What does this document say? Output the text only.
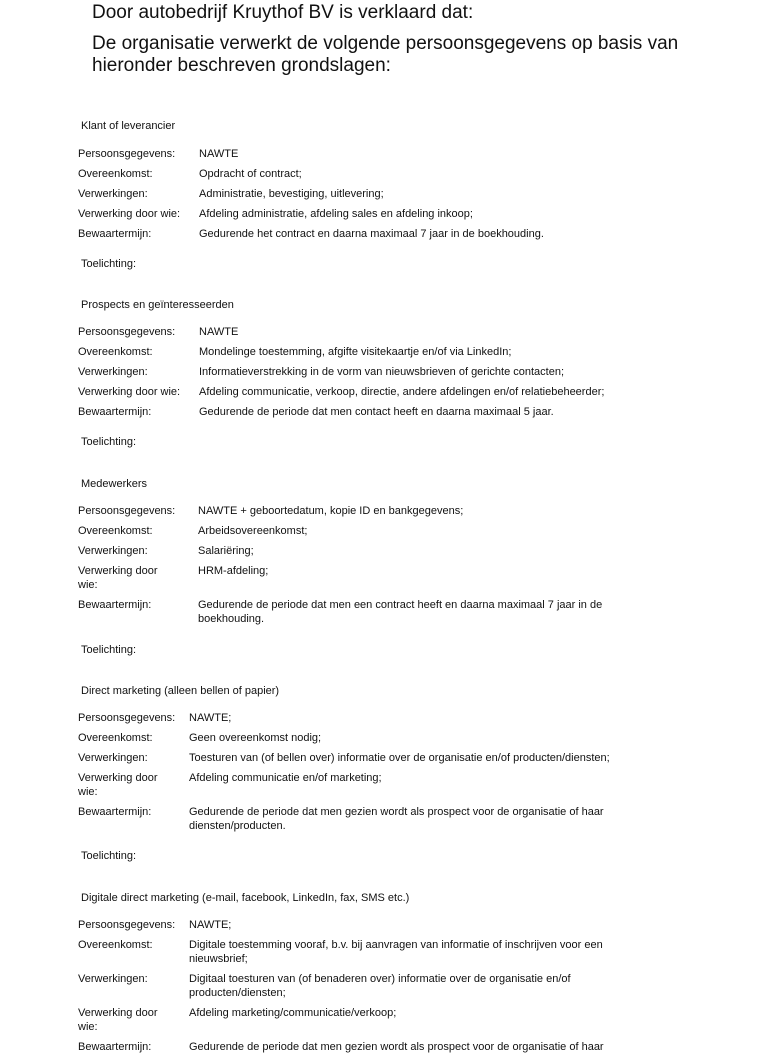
Door autobedrijf Kruythof BV is verklaard dat:
De organisatie verwerkt de volgende persoonsgegevens op basis van hieronder beschreven grondslagen:
Klant of leverancier
Persoonsgegevens: NAWTE
Overeenkomst:	Opdracht of contract;
Verwerkingen:	Administratie, bevestiging, uitlevering;
Verwerking door wie: Afdeling administratie, afdeling sales en afdeling inkoop;
Bewaartermijn:	Gedurende het contract en daarna maximaal 7 jaar in de boekhouding.
Toelichting:
Prospects en geïnteresseerden
Persoonsgegevens: NAWTE
Overeenkomst:	Mondelinge toestemming, afgifte visitekaartje en/of via LinkedIn;
Verwerkingen:	Informatieverstrekking in de vorm van nieuwsbrieven of gerichte contacten;
Verwerking door wie: Afdeling communicatie, verkoop, directie, andere afdelingen en/of relatiebeheerder;
Bewaartermijn:	Gedurende de periode dat men contact heeft en daarna maximaal 5 jaar.
Toelichting:
Medewerkers
Persoonsgegevens: NAWTE + geboortedatum, kopie ID en bankgegevens;
Overeenkomst:	Arbeidsovereenkomst;
Verwerkingen:	Salariëring;
Verwerking door wie:
HRM-afdeling;
Bewaartermijn:	Gedurende de periode dat men een contract heeft en daarna maximaal 7 jaar in de boekhouding.
Toelichting:
Direct marketing (alleen bellen of papier)
Persoonsgegevens: NAWTE;
Overeenkomst:	Geen overeenkomst nodig;
Verwerkingen:	Toesturen van (of bellen over) informatie over de organisatie en/of producten/diensten;
Verwerking door wie:
Afdeling communicatie en/of marketing;
Bewaartermijn:	Gedurende de periode dat men gezien wordt als prospect voor de organisatie of haar diensten/producten.
Toelichting:
Digitale direct marketing (e-mail, facebook, LinkedIn, fax, SMS etc.)
Persoonsgegevens: NAWTE;
Overeenkomst:	Digitale toestemming vooraf, b.v. bij aanvragen van informatie of inschrijven voor een nieuwsbrief;
Verwerkingen:	Digitaal toesturen van (of benaderen over) informatie over de organisatie en/of producten/diensten;
Verwerking door wie:
Afdeling marketing/communicatie/verkoop;
Bewaartermijn:	Gedurende de periode dat men gezien wordt als prospect voor de organisatie of haar
